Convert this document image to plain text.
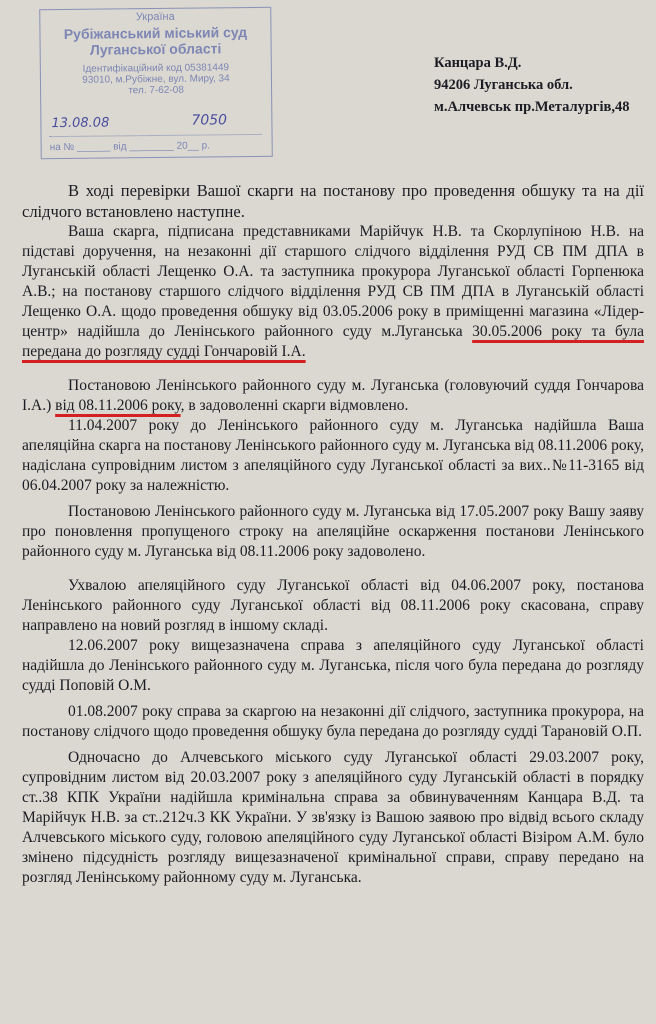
Україна
Рубіжанський міський суд
Луганської області
Ідентифікаційний код 05381449
93010, м.Рубіжне, вул. Миру, 34
тел. 7-62-08
13.08.08	7050
на № ______ від ________ 20__ р.
Канцара В.Д.
94206 Луганська обл.
м.Алчевськ пр.Металургів,48

В ході перевірки Вашої скарги на постанову про проведення обшуку та на дії слідчого встановлено наступне.

Ваша скарга, підписана представниками Марійчук Н.В. та Скорлупіною Н.В. на підставі доручення, на незаконні дії старшого слідчого відділення РУД СВ ПМ ДПА в Луганській області Лещенко О.А. та заступника прокурора Луганської області Горпенюка А.В.; на постанову старшого слідчого відділення РУД СВ ПМ ДПА в Луганській області Лещенко О.А. щодо проведення обшуку від 03.05.2006 року в приміщенні магазина «Лідер-центр» надійшла до Ленінського районного суду м.Луганська 30.05.2006 року та була передана до розгляду судді Гончаровій І.А.

Постановою Ленінського районного суду м. Луганська (головуючий суддя Гончарова І.А.) від 08.11.2006 року, в задоволенні скарги відмовлено.

11.04.2007 року до Ленінського районного суду м. Луганська надійшла Ваша апеляційна скарга на постанову Ленінського районного суду м. Луганська від 08.11.2006 року, надіслана супровідним листом з апеляційного суду Луганської області за вих..№11-3165 від 06.04.2007 року за належністю.

Постановою Ленінського районного суду м. Луганська від 17.05.2007 року Вашу заяву про поновлення пропущеного строку на апеляційне оскарження постанови Ленінського районного суду м. Луганська від 08.11.2006 року задоволено.

Ухвалою апеляційного суду Луганської області від 04.06.2007 року, постанова Ленінського районного суду Луганської області від 08.11.2006 року скасована, справу направлено на новий розгляд в іншому складі.

12.06.2007 року вищезазначена справа з апеляційного суду Луганської області надійшла до Ленінського районного суду м. Луганська, після чого була передана до розгляду судді Поповій О.М.

01.08.2007 року справа за скаргою на незаконні дії слідчого, заступника прокурора, на постанову слідчого щодо проведення обшуку була передана до розгляду судді Тарановій О.П.

Одночасно до Алчевського міського суду Луганської області 29.03.2007 року, супровідним листом від 20.03.2007 року з апеляційного суду Луганській області в порядку ст..38 КПК України надійшла кримінальна справа за обвинуваченням Канцара В.Д. та Марійчук Н.В. за ст..212ч.3 КК України. У зв'язку із Вашою заявою про відвід всього складу Алчевського міського суду, головою апеляційного суду Луганської області Візіром А.М. було змінено підсудність розгляду вищезазначеної кримінальної справи, справу передано на розгляд Ленінському районному суду м. Луганська.
